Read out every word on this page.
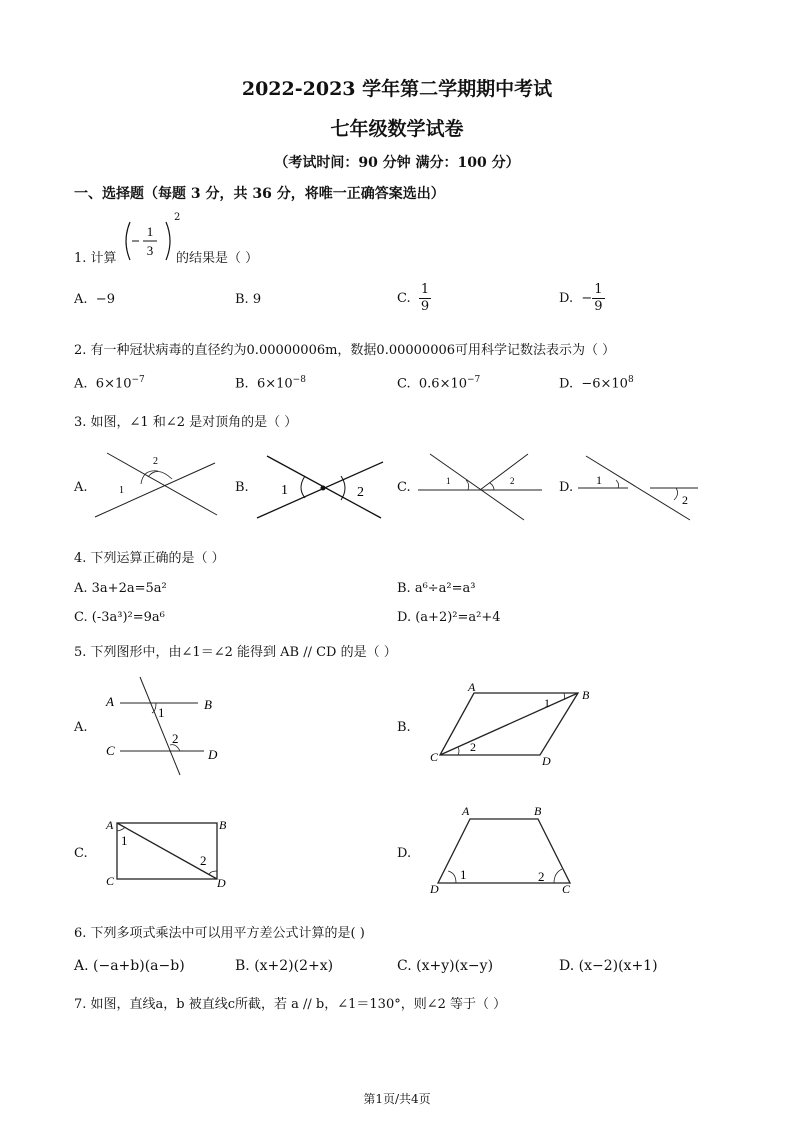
2022-2023 学年第二学期期中考试
七年级数学试卷
（考试时间：90 分钟 满分：100 分）
一、选择题（每题 3 分，共 36 分，将唯一正确答案选出）
1. 计算
1
3
2
的结果是（ ）
A. −9	B. 9	C. $\frac{1}{9}$	D. − $\frac{1}{9}$
2. 有一种冠状病毒的直径约为0.00000006m，数据0.00000006可用科学记数法表示为（ ）
A. $6\times 10^{-7}$	B. $6\times 10^{-8}$	C. $0.6\times 10^{-7}$	D. $-6\times 10^8$
3. 如图，∠1 和∠2 是对顶角的是（ ）
A.	B.	C.	D.
1
2
1	2
1	2	1
2
4. 下列运算正确的是（ ）
A. 3a+2a=5a²	B. a⁶÷a²=a³
C. (-3a³)²=9a⁶	D. (a+2)²=a²+4
5. 下列图形中，由∠1＝∠2 能得到 AB // CD 的是（ ）
A.	B.
C.	D.
A	B
C	D
1
2
A
B
C	D
1
2
A	B
C	D
1
2
A	B
D	C
1	2
6. 下列多项式乘法中可以用平方差公式计算的是( )
A. (−a+b)(a−b)	B. (x+2)(2+x)	C. (x+y)(x−y)	D. (x−2)(x+1)
7. 如图，直线a，b 被直线c所截，若 a // b，∠1＝130°，则∠2 等于（ ）
第1页/共4页
